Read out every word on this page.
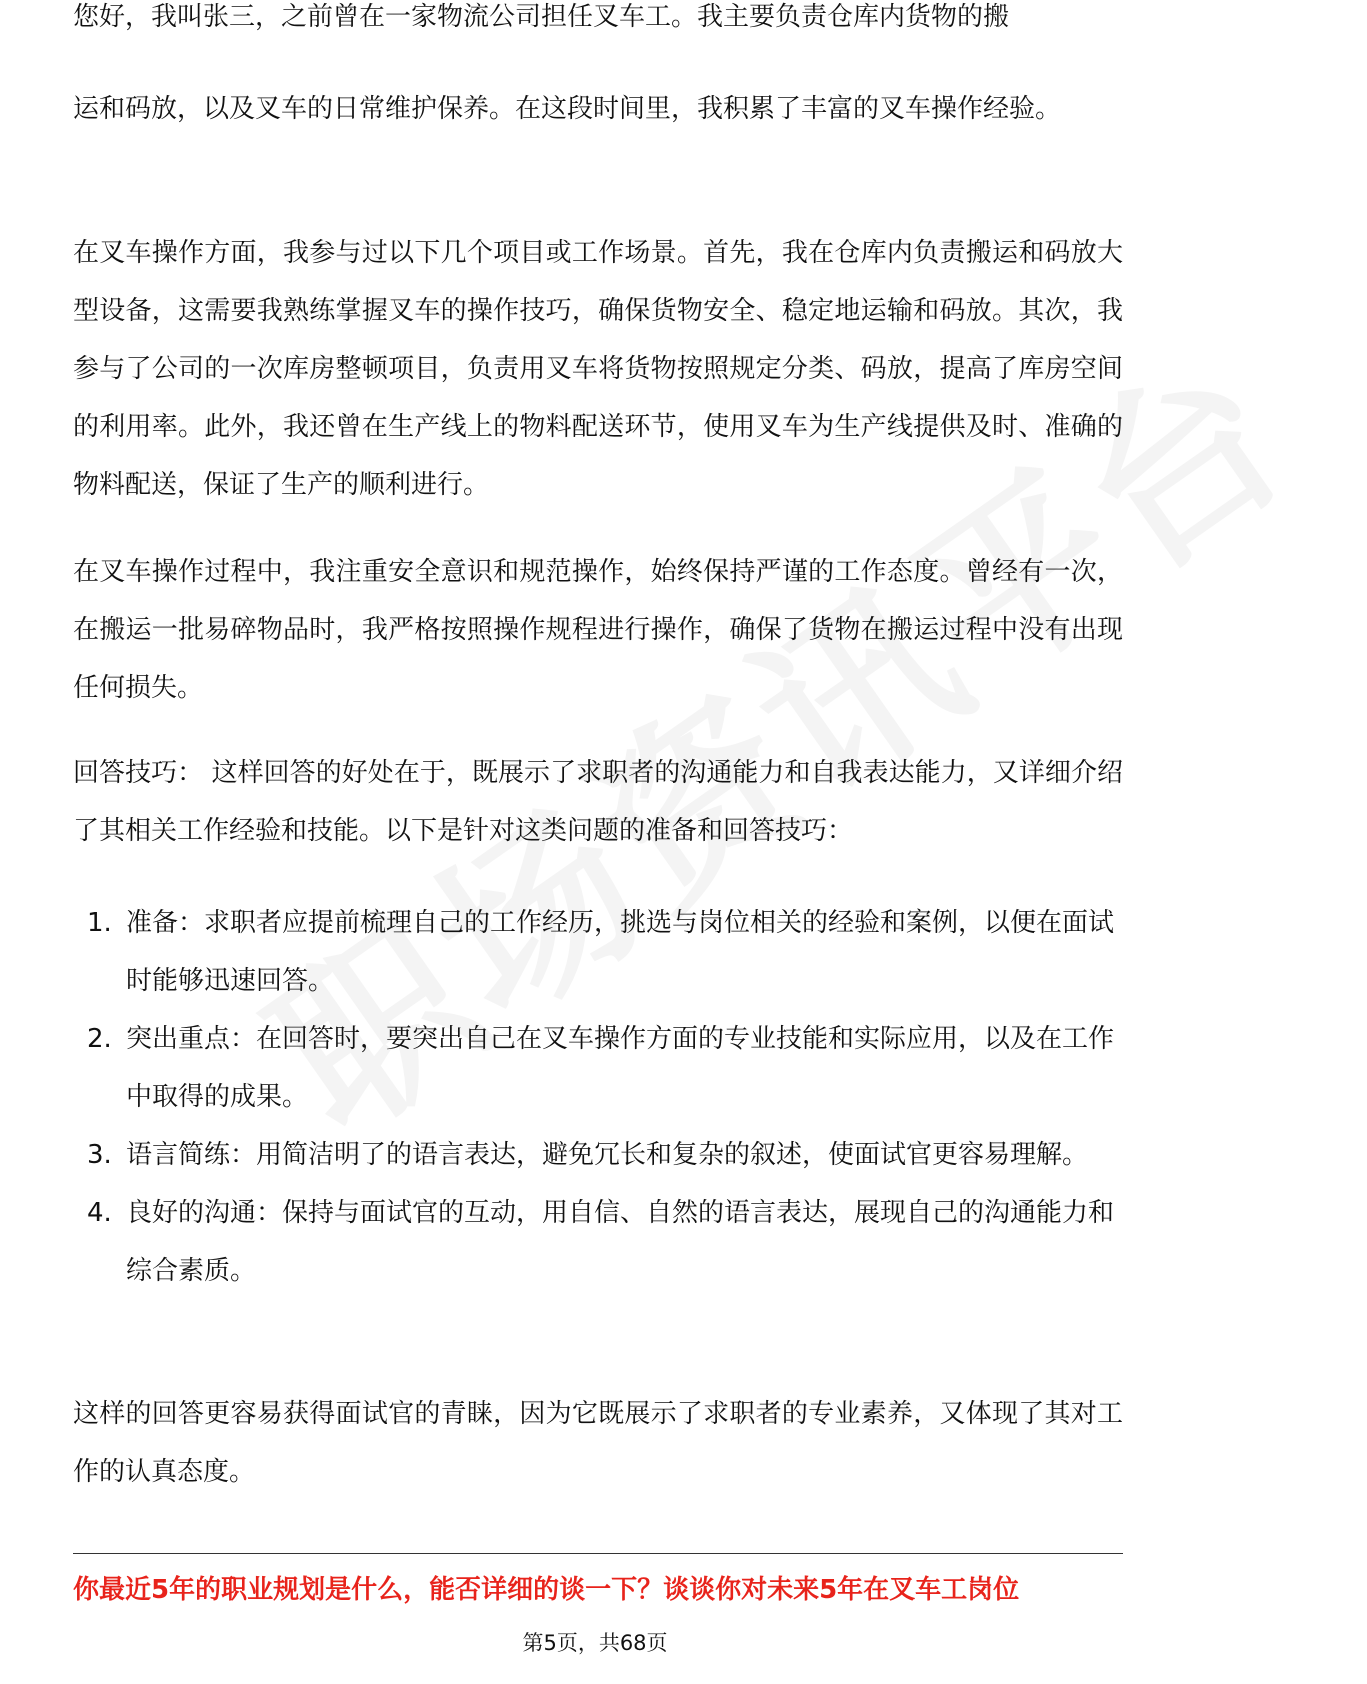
您好，我叫张三，之前曾在一家物流公司担任叉车工。我主要负责仓库内货物的搬

运和码放，以及叉车的日常维护保养。在这段时间里，我积累了丰富的叉车操作经验。

在叉车操作方面，我参与过以下几个项目或工作场景。首先，我在仓库内负责搬运和码放大型设备，这需要我熟练掌握叉车的操作技巧，确保货物安全、稳定地运输和码放。其次，我参与了公司的一次库房整顿项目，负责用叉车将货物按照规定分类、码放，提高了库房空间的利用率。此外，我还曾在生产线上的物料配送环节，使用叉车为生产线提供及时、准确的物料配送，保证了生产的顺利进行。

在叉车操作过程中，我注重安全意识和规范操作，始终保持严谨的工作态度。曾经有一次，在搬运一批易碎物品时，我严格按照操作规程进行操作，确保了货物在搬运过程中没有出现任何损失。

回答技巧： 这样回答的好处在于，既展示了求职者的沟通能力和自我表达能力，又详细介绍了其相关工作经验和技能。以下是针对这类问题的准备和回答技巧：

1. 准备：求职者应提前梳理自己的工作经历，挑选与岗位相关的经验和案例，以便在面试时能够迅速回答。
2. 突出重点：在回答时，要突出自己在叉车操作方面的专业技能和实际应用，以及在工作中取得的成果。
3. 语言简练：用简洁明了的语言表达，避免冗长和复杂的叙述，使面试官更容易理解。
4. 良好的沟通：保持与面试官的互动，用自信、自然的语言表达，展现自己的沟通能力和综合素质。

这样的回答更容易获得面试官的青睐，因为它既展示了求职者的专业素养，又体现了其对工作的认真态度。

你最近5年的职业规划是什么，能否详细的谈一下？谈谈你对未来5年在叉车工岗位
第5页，共68页
